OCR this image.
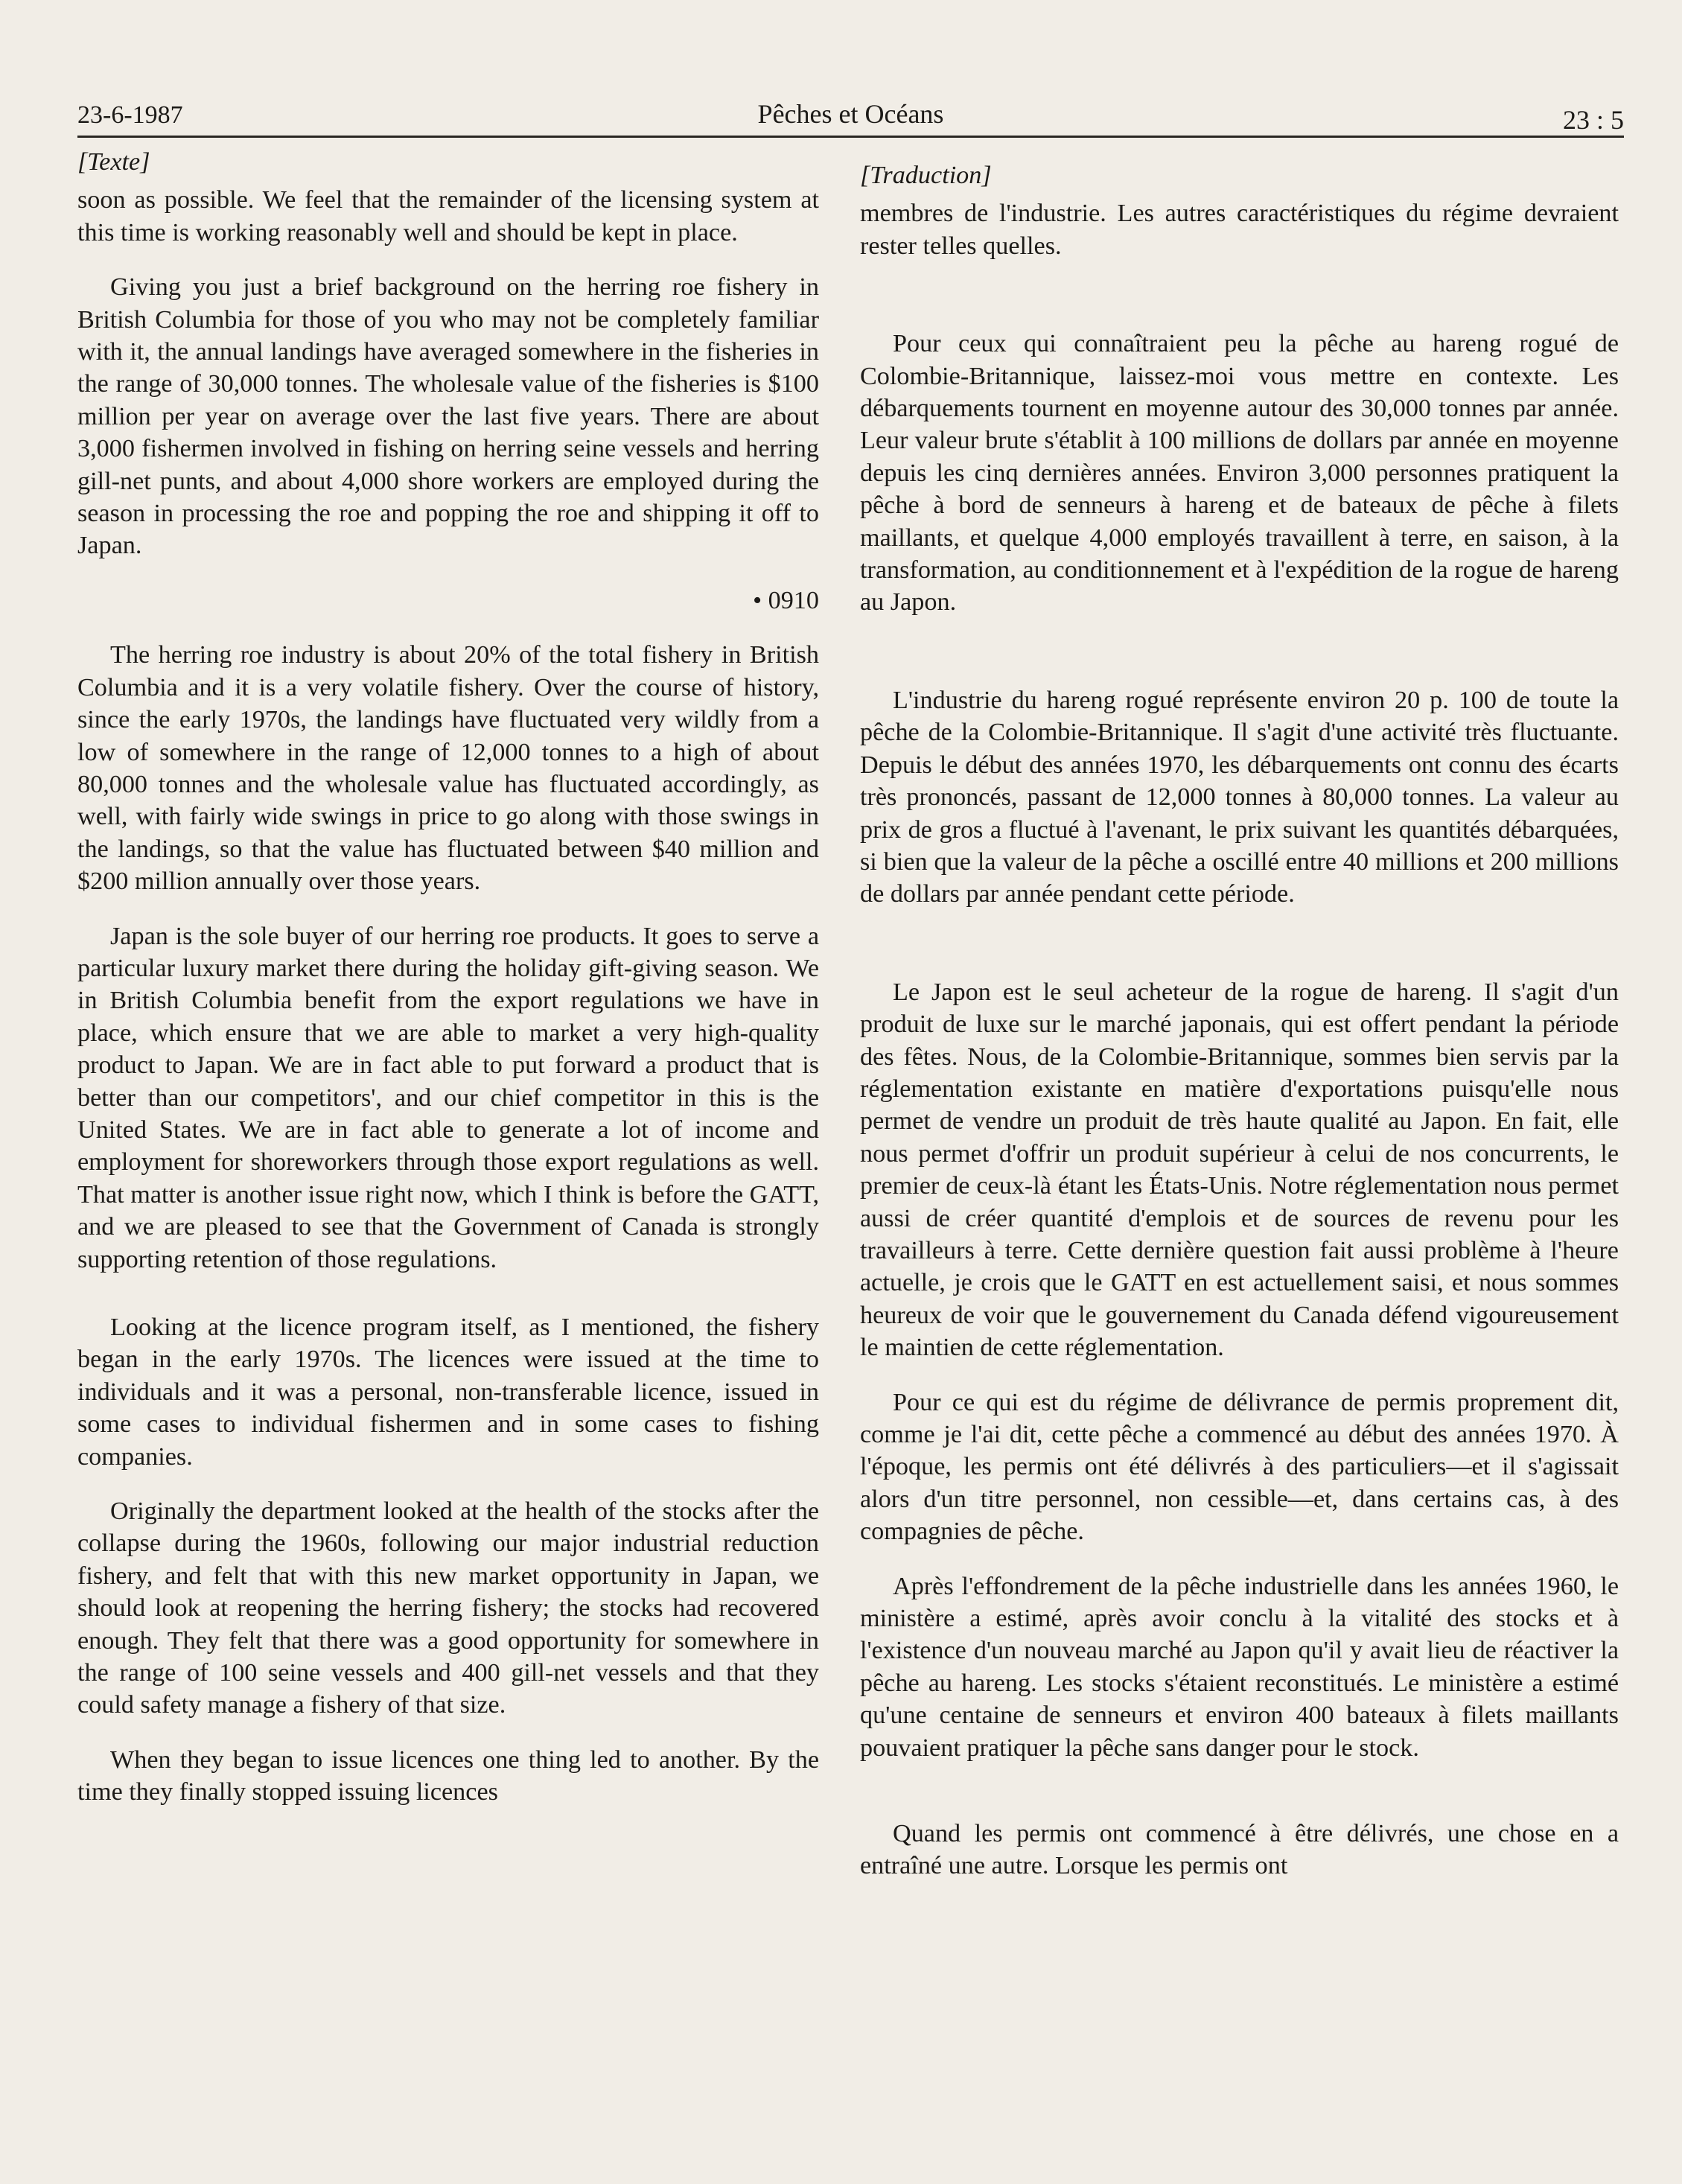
23-6-1987	Pêches et Océans	23 : 5

[Texte]

soon as possible. We feel that the remainder of the licensing system at this time is working reasonably well and should be kept in place.

Giving you just a brief background on the herring roe fishery in British Columbia for those of you who may not be completely familiar with it, the annual landings have averaged somewhere in the fisheries in the range of 30,000 tonnes. The wholesale value of the fisheries is $100 million per year on average over the last five years. There are about 3,000 fishermen involved in fishing on herring seine vessels and herring gill-net punts, and about 4,000 shore workers are employed during the season in processing the roe and popping the roe and shipping it off to Japan.

• 0910

The herring roe industry is about 20% of the total fishery in British Columbia and it is a very volatile fishery. Over the course of history, since the early 1970s, the landings have fluctuated very wildly from a low of somewhere in the range of 12,000 tonnes to a high of about 80,000 tonnes and the wholesale value has fluctuated accordingly, as well, with fairly wide swings in price to go along with those swings in the landings, so that the value has fluctuated between $40 million and $200 million annually over those years.

Japan is the sole buyer of our herring roe products. It goes to serve a particular luxury market there during the holiday gift-giving season. We in British Columbia benefit from the export regulations we have in place, which ensure that we are able to market a very high-quality product to Japan. We are in fact able to put forward a product that is better than our competitors', and our chief competitor in this is the United States. We are in fact able to generate a lot of income and employment for shoreworkers through those export regulations as well. That matter is another issue right now, which I think is before the GATT, and we are pleased to see that the Government of Canada is strongly supporting retention of those regulations.

Looking at the licence program itself, as I mentioned, the fishery began in the early 1970s. The licences were issued at the time to individuals and it was a personal, non-transferable licence, issued in some cases to individual fishermen and in some cases to fishing companies.

Originally the department looked at the health of the stocks after the collapse during the 1960s, following our major industrial reduction fishery, and felt that with this new market opportunity in Japan, we should look at reopening the herring fishery; the stocks had recovered enough. They felt that there was a good opportunity for somewhere in the range of 100 seine vessels and 400 gill-net vessels and that they could safety manage a fishery of that size.

When they began to issue licences one thing led to another. By the time they finally stopped issuing licences

[Traduction]

membres de l'industrie. Les autres caractéristiques du régime devraient rester telles quelles.

Pour ceux qui connaîtraient peu la pêche au hareng rogué de Colombie-Britannique, laissez-moi vous mettre en contexte. Les débarquements tournent en moyenne autour des 30,000 tonnes par année. Leur valeur brute s'établit à 100 millions de dollars par année en moyenne depuis les cinq dernières années. Environ 3,000 personnes pratiquent la pêche à bord de senneurs à hareng et de bateaux de pêche à filets maillants, et quelque 4,000 employés travaillent à terre, en saison, à la transformation, au conditionnement et à l'expédition de la rogue de hareng au Japon.

L'industrie du hareng rogué représente environ 20 p. 100 de toute la pêche de la Colombie-Britannique. Il s'agit d'une activité très fluctuante. Depuis le début des années 1970, les débarquements ont connu des écarts très prononcés, passant de 12,000 tonnes à 80,000 tonnes. La valeur au prix de gros a fluctué à l'avenant, le prix suivant les quantités débarquées, si bien que la valeur de la pêche a oscillé entre 40 millions et 200 millions de dollars par année pendant cette période.

Le Japon est le seul acheteur de la rogue de hareng. Il s'agit d'un produit de luxe sur le marché japonais, qui est offert pendant la période des fêtes. Nous, de la Colombie-Britannique, sommes bien servis par la réglementation existante en matière d'exportations puisqu'elle nous permet de vendre un produit de très haute qualité au Japon. En fait, elle nous permet d'offrir un produit supérieur à celui de nos concurrents, le premier de ceux-là étant les États-Unis. Notre réglementation nous permet aussi de créer quantité d'emplois et de sources de revenu pour les travailleurs à terre. Cette dernière question fait aussi problème à l'heure actuelle, je crois que le GATT en est actuellement saisi, et nous sommes heureux de voir que le gouvernement du Canada défend vigoureusement le maintien de cette réglementation.

Pour ce qui est du régime de délivrance de permis proprement dit, comme je l'ai dit, cette pêche a commencé au début des années 1970. À l'époque, les permis ont été délivrés à des particuliers—et il s'agissait alors d'un titre personnel, non cessible—et, dans certains cas, à des compagnies de pêche.

Après l'effondrement de la pêche industrielle dans les années 1960, le ministère a estimé, après avoir conclu à la vitalité des stocks et à l'existence d'un nouveau marché au Japon qu'il y avait lieu de réactiver la pêche au hareng. Les stocks s'étaient reconstitués. Le ministère a estimé qu'une centaine de senneurs et environ 400 bateaux à filets maillants pouvaient pratiquer la pêche sans danger pour le stock.

Quand les permis ont commencé à être délivrés, une chose en a entraîné une autre. Lorsque les permis ont
